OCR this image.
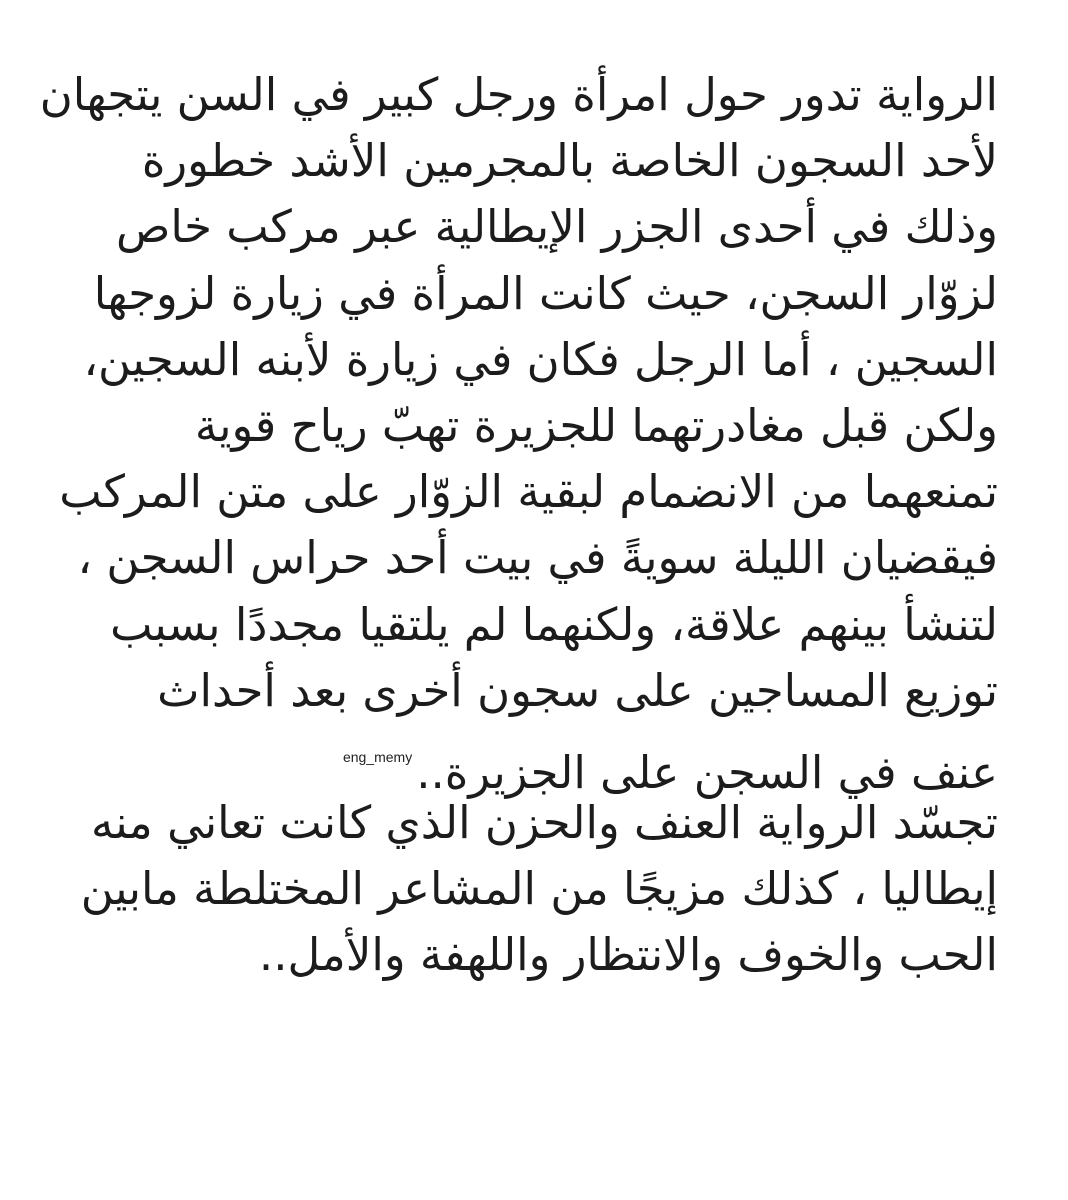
الرواية تدور حول امرأة ورجل كبير في السن يتجهان
لأحد السجون الخاصة بالمجرمين الأشد خطورة
وذلك في أحدى الجزر الإيطالية عبر مركب خاص
لزوّار السجن، حيث كانت المرأة في زيارة لزوجها
السجين ، أما الرجل فكان في زيارة لأبنه السجين،
ولكن قبل مغادرتهما للجزيرة تهبّ رياح قوية
تمنعهما من الانضمام لبقية الزوّار على متن المركب
فيقضيان الليلة سويةً في بيت أحد حراس السجن ،
لتنشأ بينهم علاقة، ولكنهما لم يلتقيا مجددًا بسبب
توزيع المساجين على سجون أخرى بعد أحداث
عنف في السجن على الجزيرة..$^{eng\_memy}$
تجسّد الرواية العنف والحزن الذي كانت تعاني منه
إيطاليا ، كذلك مزيجًا من المشاعر المختلطة مابين
الحب والخوف والانتظار واللهفة والأمل..
